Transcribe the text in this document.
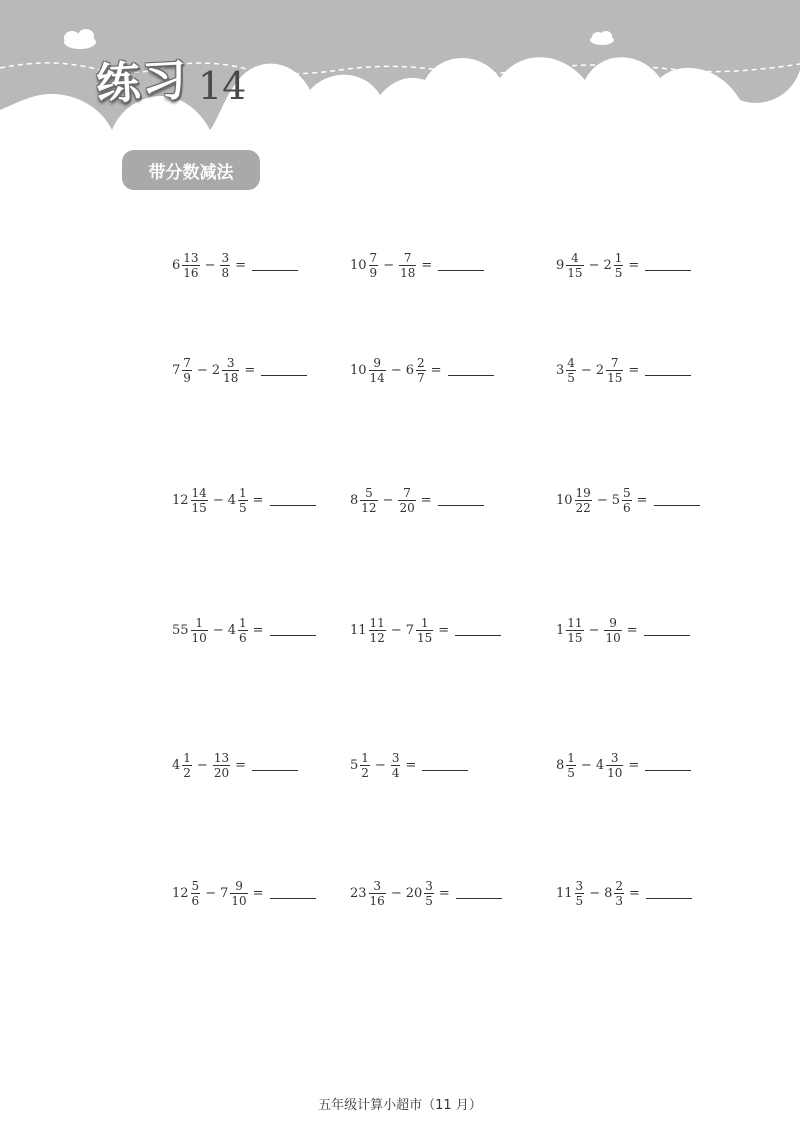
练习 14
带分数减法
$6 \frac{13}{16} - \frac{3}{8}$ =	$10 \frac{7}{9} - \frac{7}{18}$ =	$9 \frac{4}{15} - 2 \frac{1}{5}$ =
$7 \frac{7}{9} - 2 \frac{3}{18}$ =	$10 \frac{9}{14} - 6 \frac{2}{7}$ =	$3 \frac{4}{5} - 2 \frac{7}{15}$ =
$12 \frac{14}{15} - 4 \frac{1}{5}$ =	$8 \frac{5}{12} - \frac{7}{20}$ =	$10 \frac{19}{22} - 5 \frac{5}{6}$ =
$55 \frac{1}{10} - 4 \frac{1}{6}$ =	$11 \frac{11}{12} - 7 \frac{1}{15}$ =	$1 \frac{11}{15} - \frac{9}{10}$ =
$4 \frac{1}{2} - \frac{13}{20}$ =	$5 \frac{1}{2} - \frac{3}{4}$ =	$8 \frac{1}{5} - 4 \frac{3}{10}$ =
$12 \frac{5}{6} - 7 \frac{9}{10}$ =	$23 \frac{3}{16} - 20 \frac{3}{5}$ =	$11 \frac{3}{5} - 8 \frac{2}{3}$ =
五年级计算小超市（11 月）
